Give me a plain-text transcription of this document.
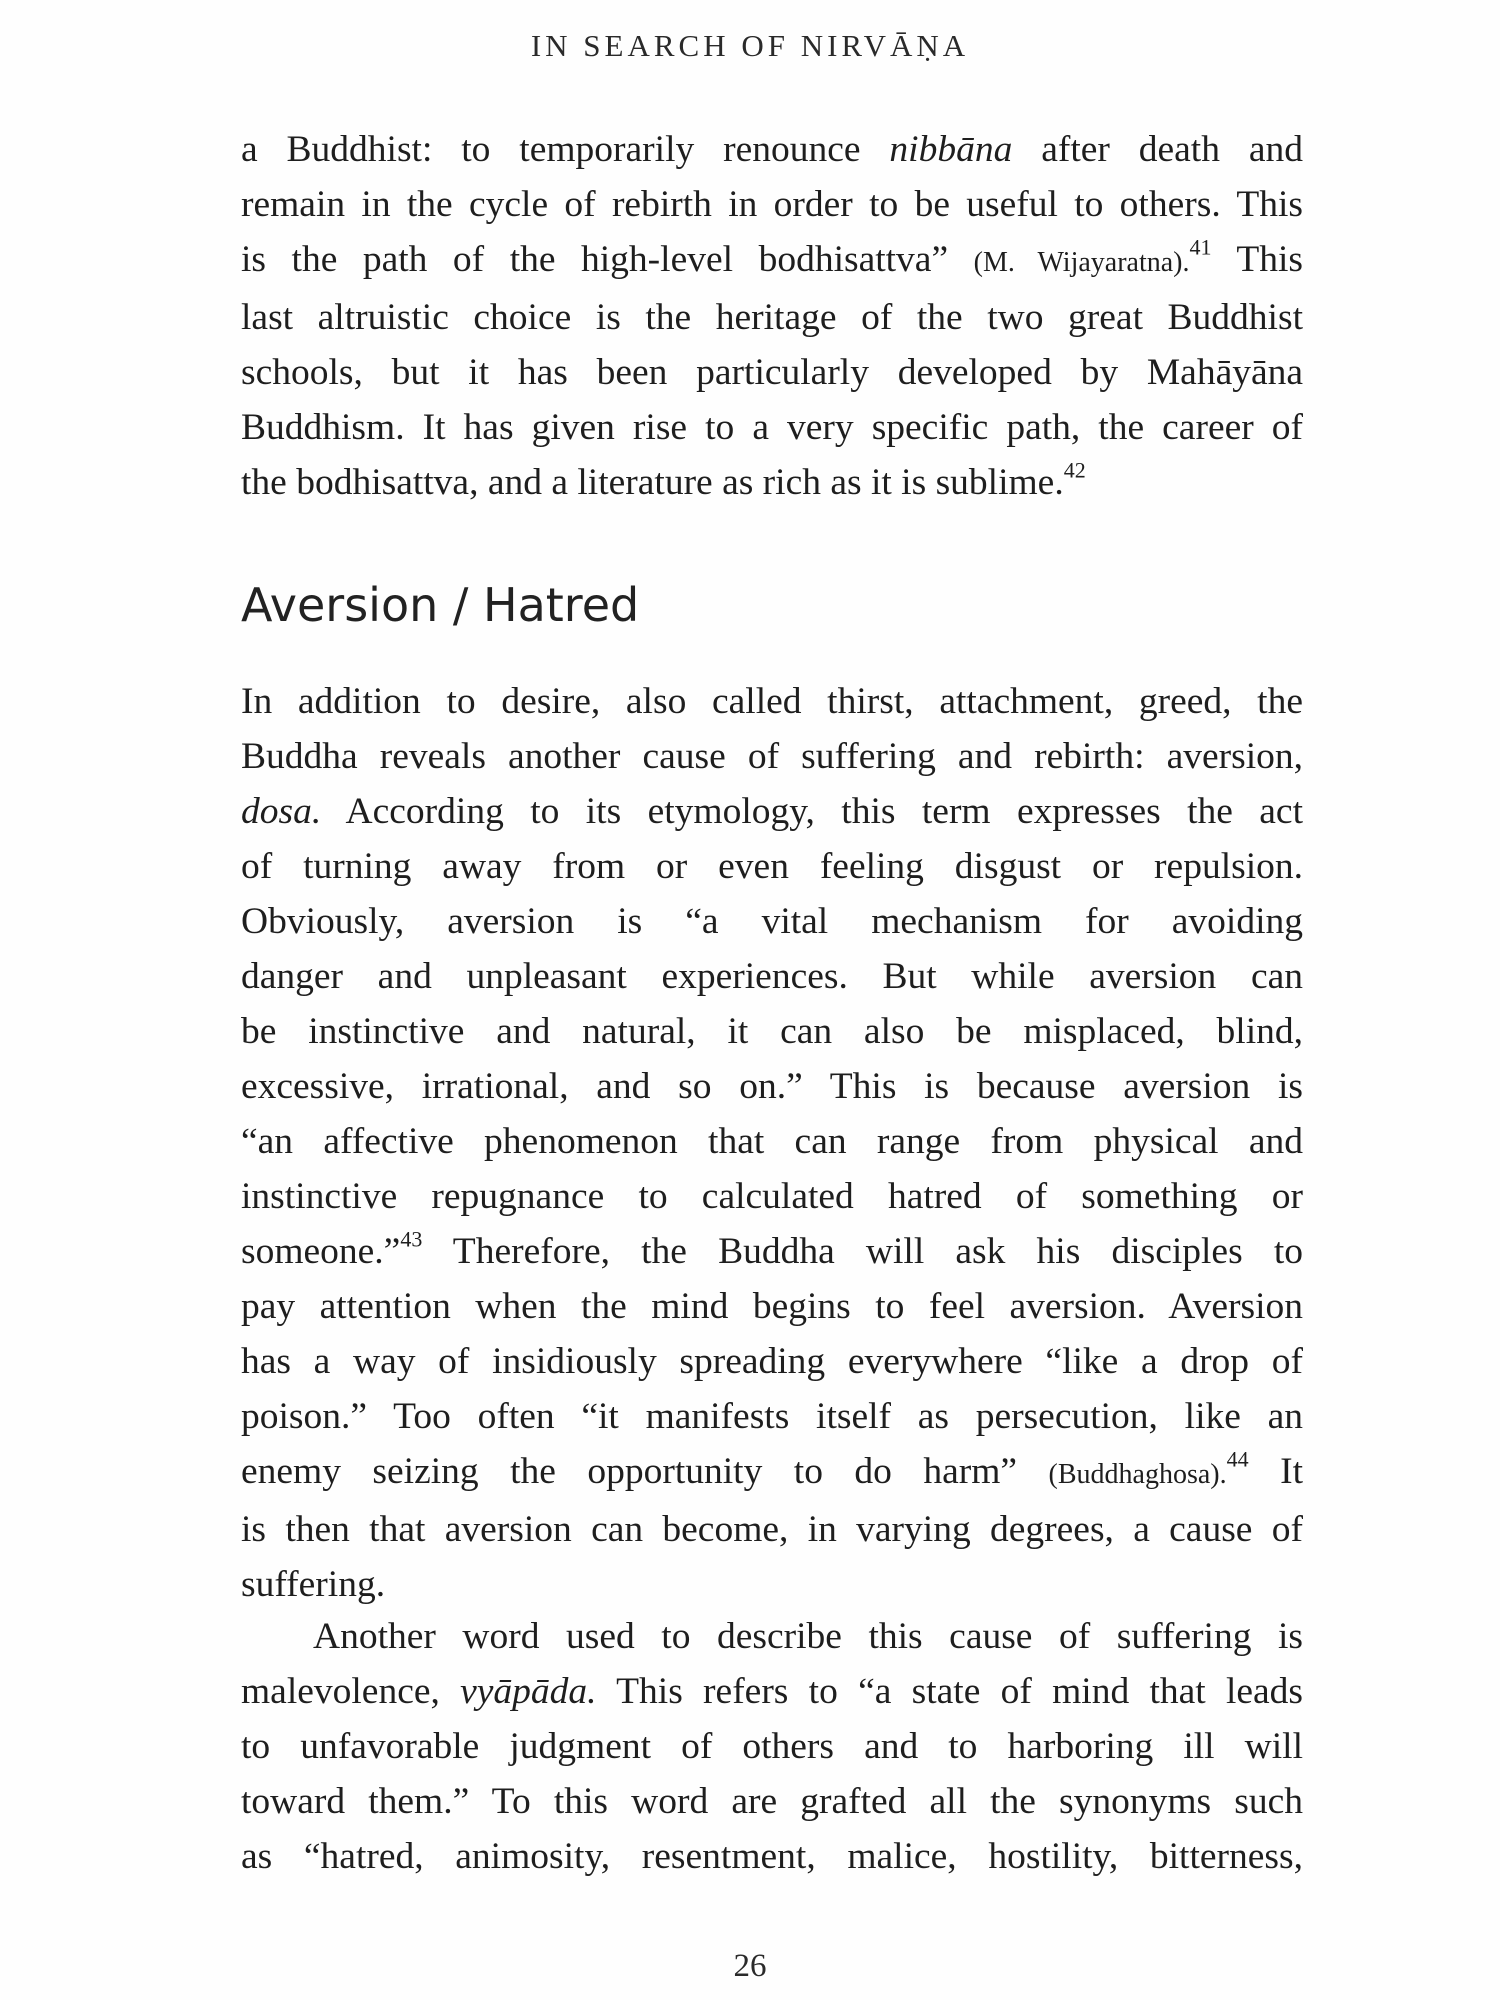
IN SEARCH OF NIRVĀṆA

a Buddhist: to temporarily renounce nibbāna after death and
remain in the cycle of rebirth in order to be useful to others. This
is the path of the high-level bodhisattva” (M. Wijayaratna).$^{41}$ This
last altruistic choice is the heritage of the two great Buddhist
schools, but it has been particularly developed by Mahāyāna
Buddhism. It has given rise to a very specific path, the career of
the bodhisattva, and a literature as rich as it is sublime.$^{42}$

Aversion / Hatred

In addition to desire, also called thirst, attachment, greed, the
Buddha reveals another cause of suffering and rebirth: aversion,
dosa. According to its etymology, this term expresses the act
of turning away from or even feeling disgust or repulsion.
Obviously, aversion is “a vital mechanism for avoiding
danger and unpleasant experiences. But while aversion can
be instinctive and natural, it can also be misplaced, blind,
excessive, irrational, and so on.” This is because aversion is
“an affective phenomenon that can range from physical and
instinctive repugnance to calculated hatred of something or
someone.”$^{43}$ Therefore, the Buddha will ask his disciples to
pay attention when the mind begins to feel aversion. Aversion
has a way of insidiously spreading everywhere “like a drop of
poison.” Too often “it manifests itself as persecution, like an
enemy seizing the opportunity to do harm” (Buddhaghosa).$^{44}$ It
is then that aversion can become, in varying degrees, a cause of
suffering.

Another word used to describe this cause of suffering is
malevolence, vyāpāda. This refers to “a state of mind that leads
to unfavorable judgment of others and to harboring ill will
toward them.” To this word are grafted all the synonyms such
as “hatred, animosity, resentment, malice, hostility, bitterness,

26
